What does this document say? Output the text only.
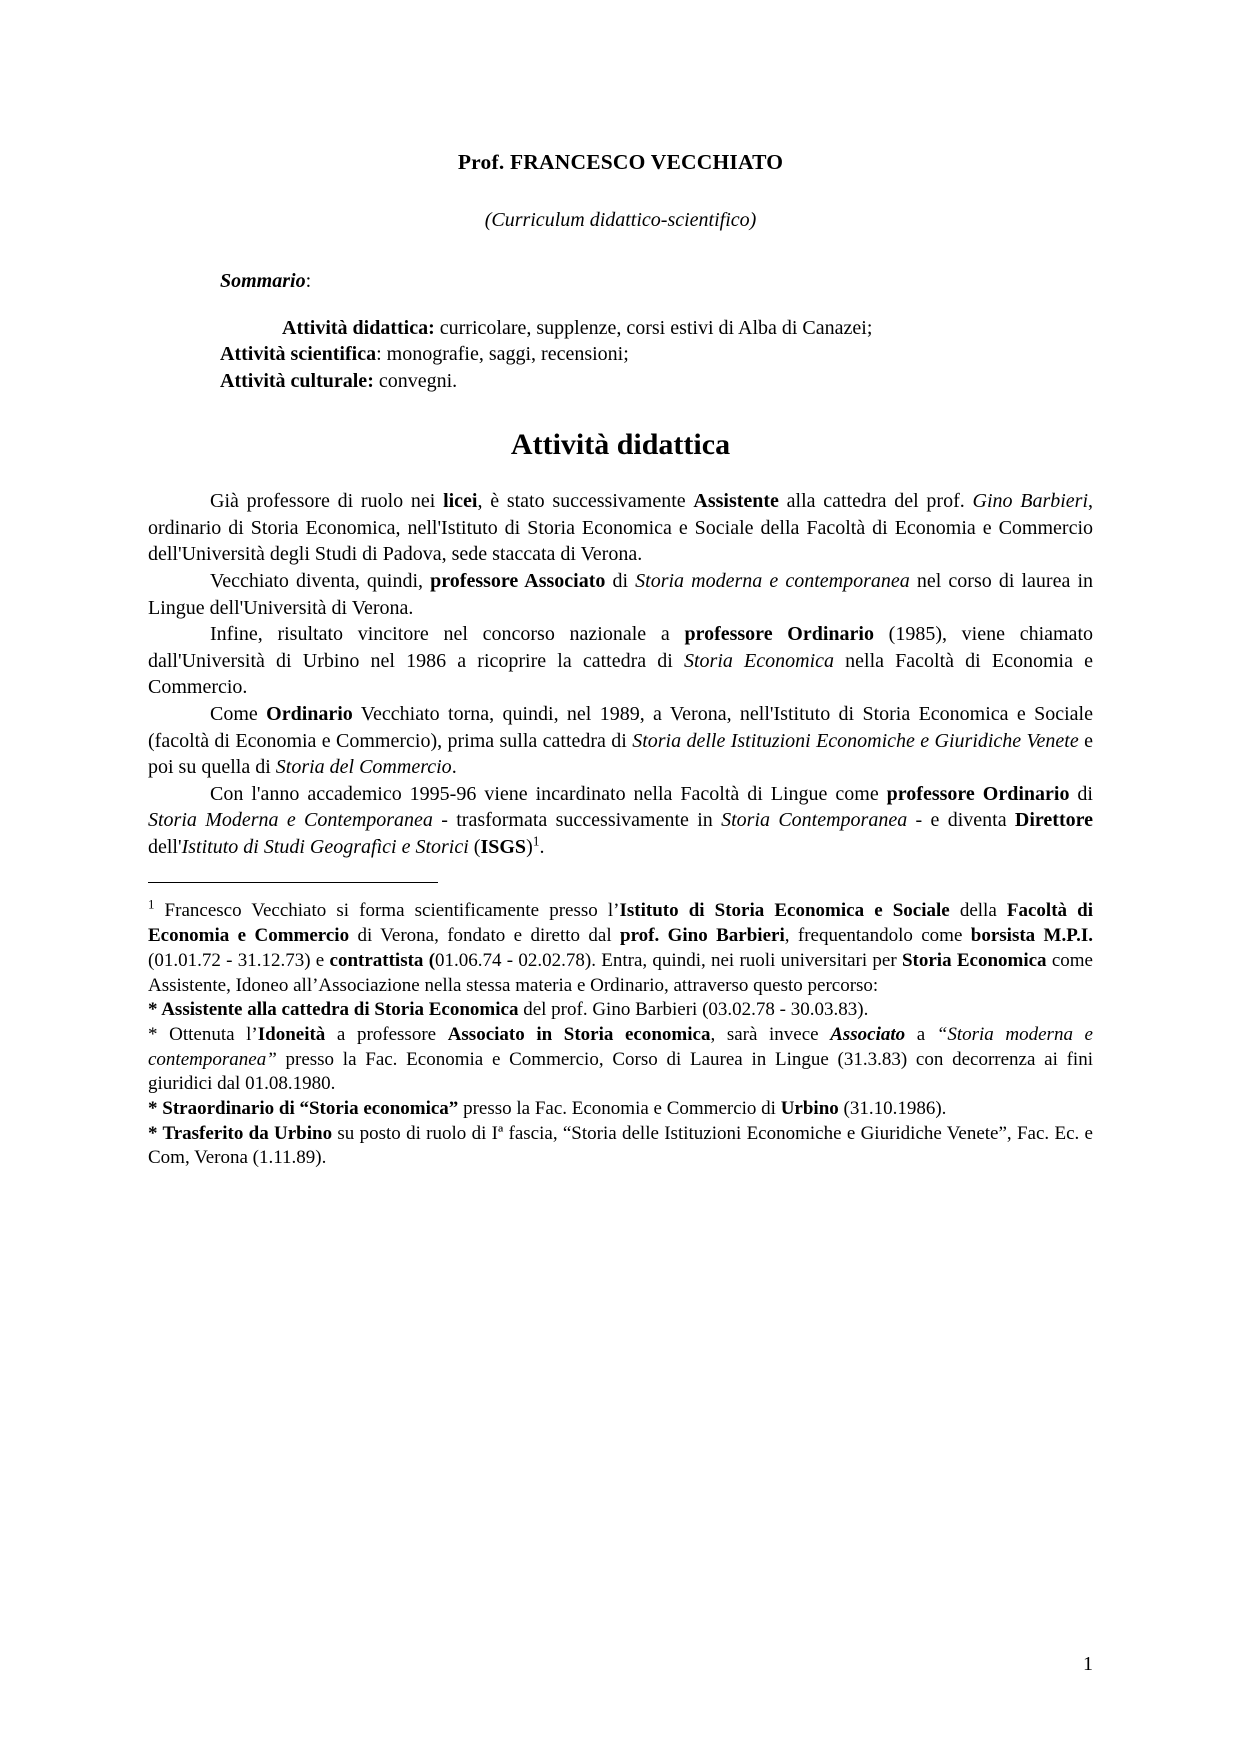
Prof. FRANCESCO VECCHIATO
(Curriculum didattico-scientifico)
Sommario:

Attività didattica: curricolare, supplenze, corsi estivi di Alba di Canazei;

Attività scientifica: monografie, saggi, recensioni;

Attività culturale: convegni.

Attività didattica

Già professore di ruolo nei licei, è stato successivamente Assistente alla cattedra del prof. Gino Barbieri, ordinario di Storia Economica, nell'Istituto di Storia Economica e Sociale della Facoltà di Economia e Commercio dell'Università degli Studi di Padova, sede staccata di Verona.

Vecchiato diventa, quindi, professore Associato di Storia moderna e contemporanea nel corso di laurea in Lingue dell'Università di Verona.

Infine, risultato vincitore nel concorso nazionale a professore Ordinario (1985), viene chiamato dall'Università di Urbino nel 1986 a ricoprire la cattedra di Storia Economica nella Facoltà di Economia e Commercio.

Come Ordinario Vecchiato torna, quindi, nel 1989, a Verona, nell'Istituto di Storia Economica e Sociale (facoltà di Economia e Commercio), prima sulla cattedra di Storia delle Istituzioni Economiche e Giuridiche Venete e poi su quella di Storia del Commercio.

Con l'anno accademico 1995-96 viene incardinato nella Facoltà di Lingue come professore Ordinario di Storia Moderna e Contemporanea - trasformata successivamente in Storia Contemporanea - e diventa Direttore dell'Istituto di Studi Geografìci e Storici (ISGS)$^1$.

$^1$ Francesco Vecchiato si forma scientificamente presso l’Istituto di Storia Economica e Sociale della Facoltà di Economia e Commercio di Verona, fondato e diretto dal prof. Gino Barbieri, frequentandolo come borsista M.P.I. (01.01.72 - 31.12.73) e contrattista (01.06.74 - 02.02.78). Entra, quindi, nei ruoli universitari per Storia Economica come Assistente, Idoneo all’Associazione nella stessa materia e Ordinario, attraverso questo percorso:
* Assistente alla cattedra di Storia Economica del prof. Gino Barbieri (03.02.78 - 30.03.83).
* Ottenuta l’Idoneità a professore Associato in Storia economica, sarà invece Associato a “Storia moderna e contemporanea” presso la Fac. Economia e Commercio, Corso di Laurea in Lingue (31.3.83) con decorrenza ai fini giuridici dal 01.08.1980.
* Straordinario di “Storia economica” presso la Fac. Economia e Commercio di Urbino (31.10.1986).
* Trasferito da Urbino su posto di ruolo di Iª fascia, “Storia delle Istituzioni Economiche e Giuridiche Venete”, Fac. Ec. e Com, Verona (1.11.89).

1
